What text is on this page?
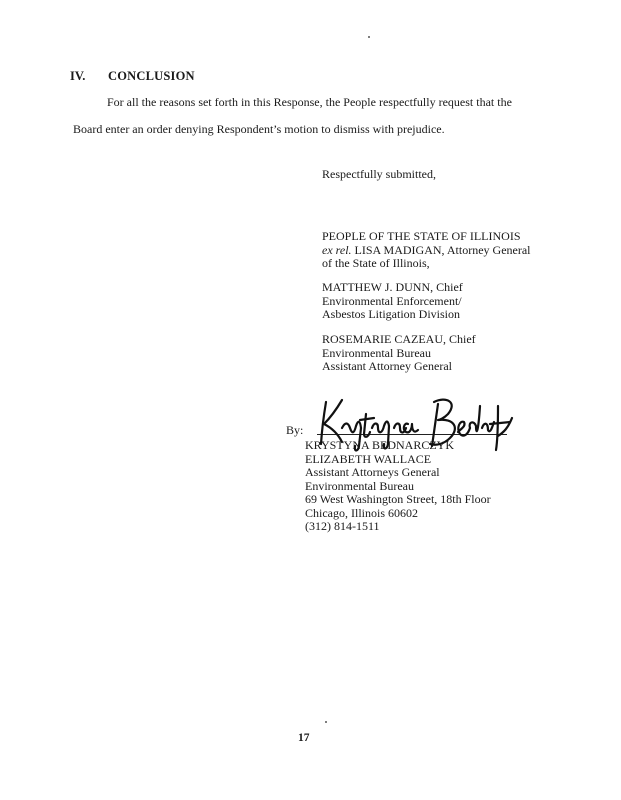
IV. CONCLUSION
For all the reasons set forth in this Response, the People respectfully request that the
Board enter an order denying Respondent’s motion to dismiss with prejudice.
Respectfully submitted,
PEOPLE OF THE STATE OF ILLINOIS
ex rel. LISA MADIGAN, Attorney General
of the State of Illinois,
MATTHEW J. DUNN, Chief
Environmental Enforcement/
Asbestos Litigation Division
ROSEMARIE CAZEAU, Chief
Environmental Bureau
Assistant Attorney General
By:
KRYSTYNA BEDNARCZYK
ELIZABETH WALLACE
Assistant Attorneys General
Environmental Bureau
69 West Washington Street, 18th Floor
Chicago, Illinois 60602
(312) 814-1511
17
